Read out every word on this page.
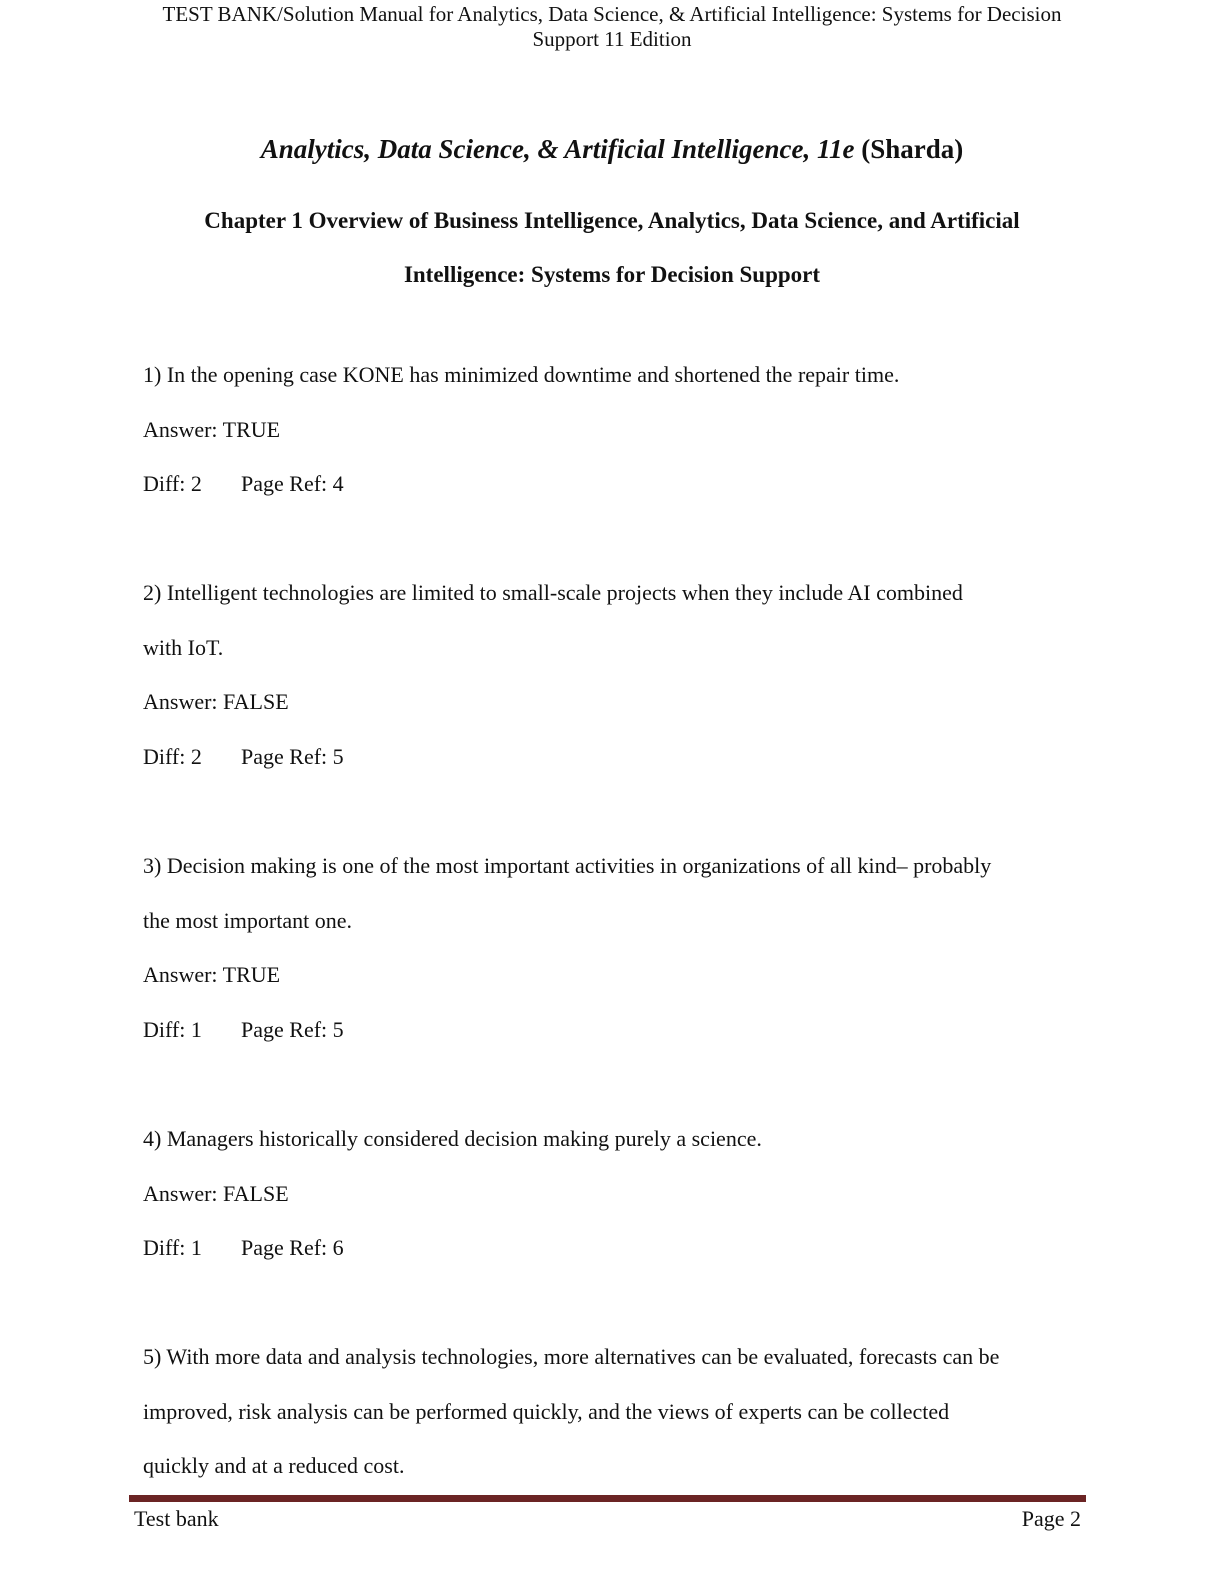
TEST BANK/Solution Manual for Analytics, Data Science, & Artificial Intelligence: Systems for Decision
Support 11 Edition
Analytics, Data Science, & Artificial Intelligence, 11e (Sharda)
Chapter 1 Overview of Business Intelligence, Analytics, Data Science, and Artificial
Intelligence: Systems for Decision Support
1) In the opening case KONE has minimized downtime and shortened the repair time.
Answer: TRUE
Diff: 2 Page Ref: 4
2) Intelligent technologies are limited to small-scale projects when they include AI combined
with IoT.
Answer: FALSE
Diff: 2 Page Ref: 5
3) Decision making is one of the most important activities in organizations of all kind– probably
the most important one.
Answer: TRUE
Diff: 1 Page Ref: 5
4) Managers historically considered decision making purely a science.
Answer: FALSE
Diff: 1 Page Ref: 6
5) With more data and analysis technologies, more alternatives can be evaluated, forecasts can be
improved, risk analysis can be performed quickly, and the views of experts can be collected
quickly and at a reduced cost.
Test bank	Page 2
